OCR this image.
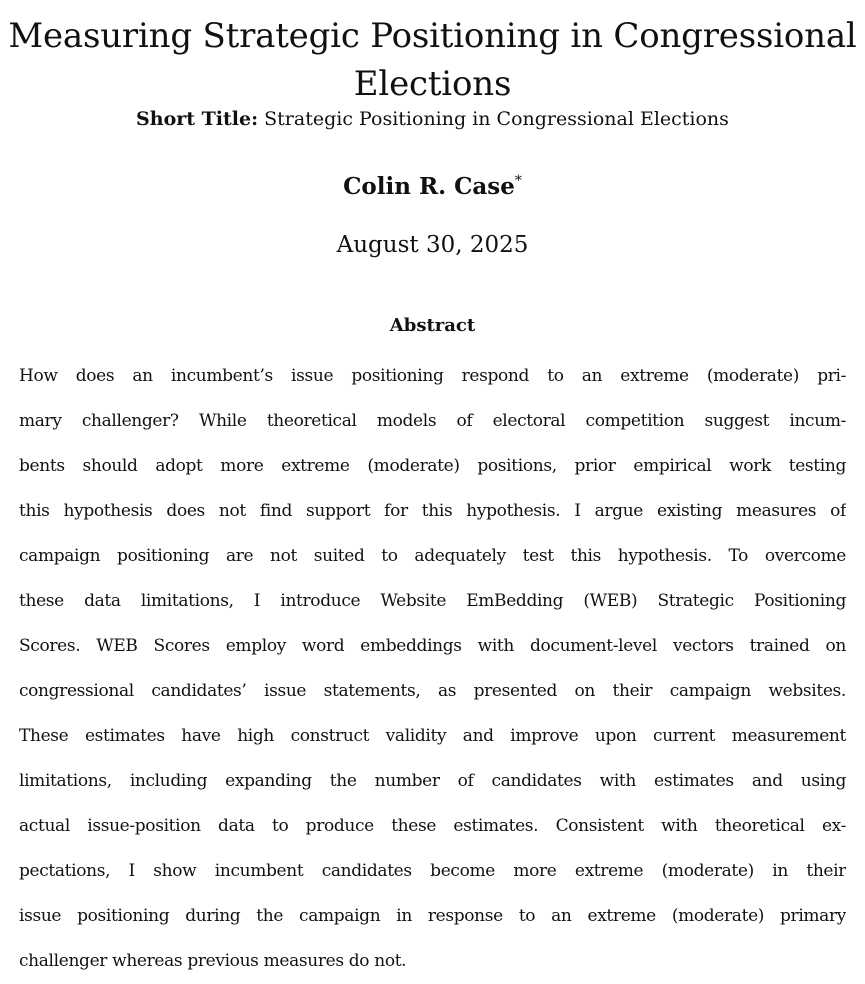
Measuring Strategic Positioning in Congressional
Elections
Short Title: Strategic Positioning in Congressional Elections
Colin R. Case*
August 30, 2025
Abstract
How does an incumbent’s issue positioning respond to an extreme (moderate) pri-
mary challenger? While theoretical models of electoral competition suggest incum-
bents should adopt more extreme (moderate) positions, prior empirical work testing
this hypothesis does not find support for this hypothesis. I argue existing measures of
campaign positioning are not suited to adequately test this hypothesis. To overcome
these data limitations, I introduce Website EmBedding (WEB) Strategic Positioning
Scores. WEB Scores employ word embeddings with document-level vectors trained on
congressional candidates’ issue statements, as presented on their campaign websites.
These estimates have high construct validity and improve upon current measurement
limitations, including expanding the number of candidates with estimates and using
actual issue-position data to produce these estimates. Consistent with theoretical ex-
pectations, I show incumbent candidates become more extreme (moderate) in their
issue positioning during the campaign in response to an extreme (moderate) primary
challenger whereas previous measures do not.
